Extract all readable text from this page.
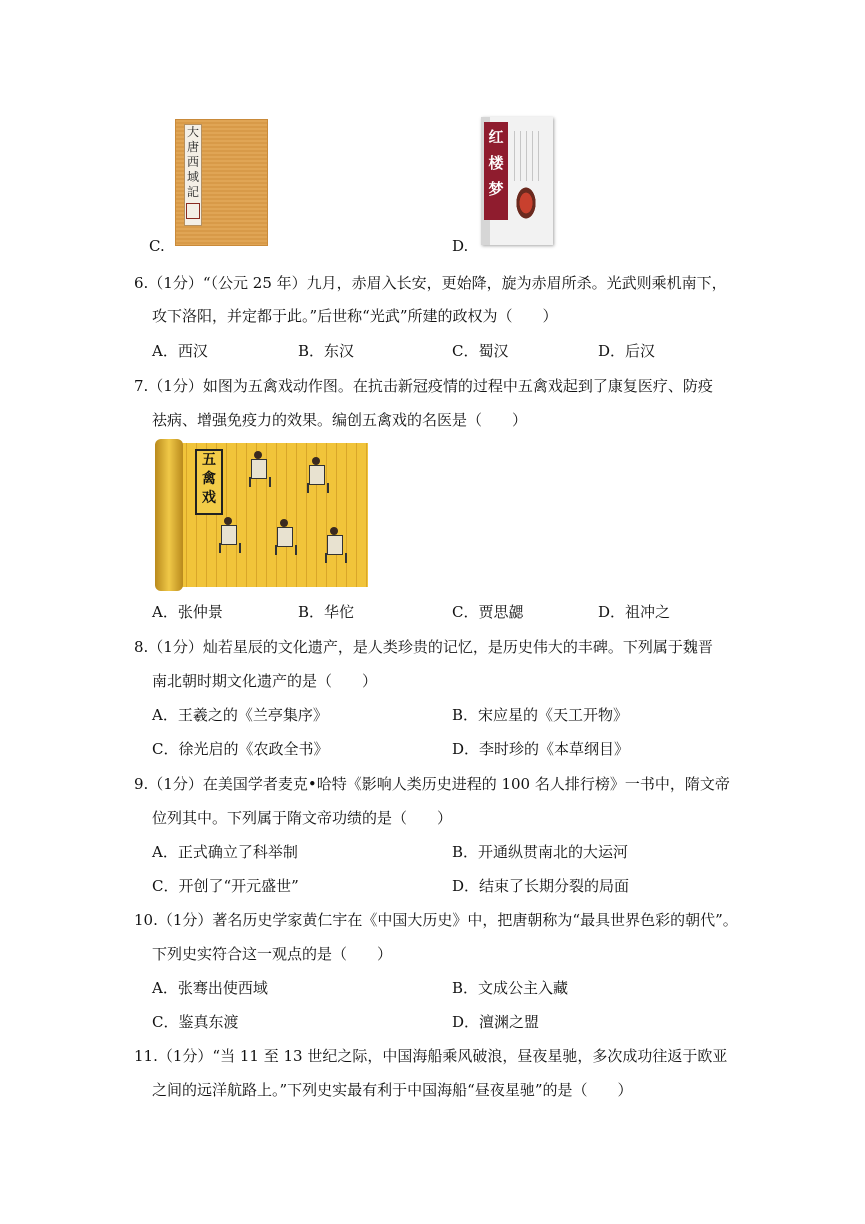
大
唐
西
域
記
C.
红
楼
梦
D.
6.（1分）“（公元 25 年）九月，赤眉入长安，更始降，旋为赤眉所杀。光武则乘机南下，
攻下洛阳，并定都于此。”后世称“光武”所建的政权为（　　）
A．西汉	B．东汉	C．蜀汉	D．后汉
7.（1分）如图为五禽戏动作图。在抗击新冠疫情的过程中五禽戏起到了康复医疗、防疫
祛病、增强免疫力的效果。编创五禽戏的名医是（　　）
五
禽
戏
A．张仲景	B．华佗	C．贾思勰	D．祖冲之
8.（1分）灿若星辰的文化遗产，是人类珍贵的记忆，是历史伟大的丰碑。下列属于魏晋
南北朝时期文化遗产的是（　　）
A．王羲之的《兰亭集序》	B．宋应星的《天工开物》
C．徐光启的《农政全书》	D．李时珍的《本草纲目》
9.（1分）在美国学者麦克•哈特《影响人类历史进程的 100 名人排行榜》一书中，隋文帝
位列其中。下列属于隋文帝功绩的是（　　）
A．正式确立了科举制	B．开通纵贯南北的大运河
C．开创了“开元盛世”	D．结束了长期分裂的局面
10.（1分）著名历史学家黄仁宇在《中国大历史》中，把唐朝称为“最具世界色彩的朝代”。
下列史实符合这一观点的是（　　）
A．张骞出使西域	B．文成公主入藏
C．鉴真东渡	D．澶渊之盟
11.（1分）“当 11 至 13 世纪之际，中国海船乘风破浪，昼夜星驰，多次成功往返于欧亚
之间的远洋航路上。”下列史实最有利于中国海船“昼夜星驰”的是（　　）
